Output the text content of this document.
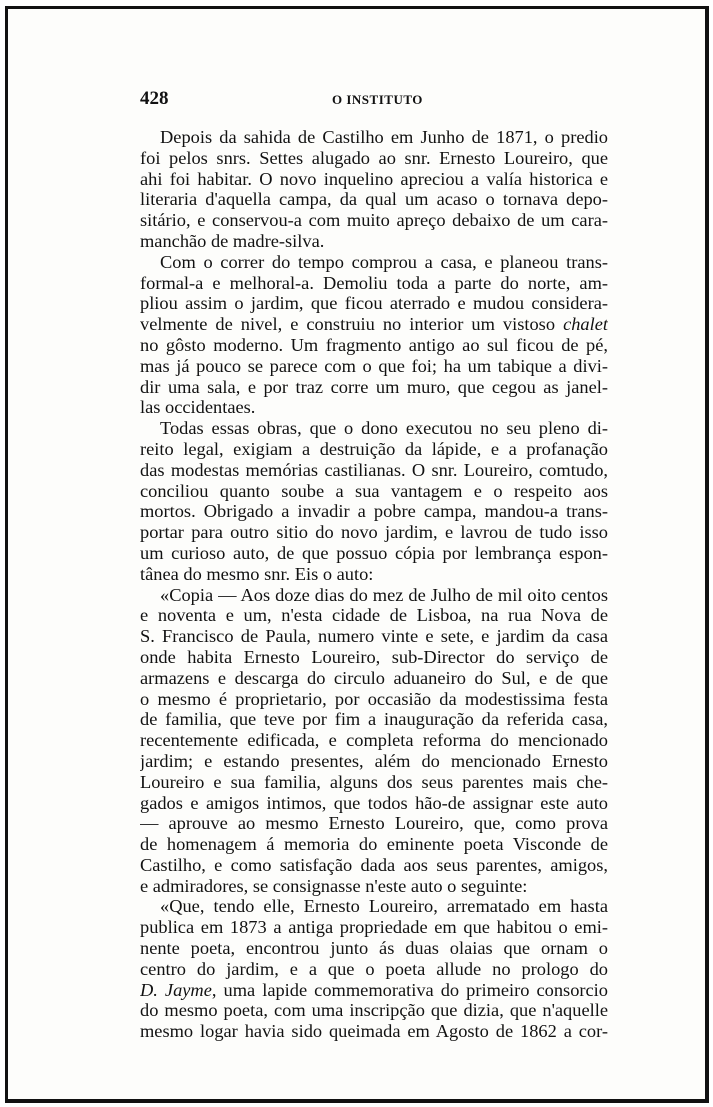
428	O INSTITUTO
Depois da sahida de Castilho em Junho de 1871, o predio
foi pelos snrs. Settes alugado ao snr. Ernesto Loureiro, que
ahi foi habitar. O novo inquelino apreciou a valía historica e
literaria d'aquella campa, da qual um acaso o tornava depo-
sitário, e conservou-a com muito apreço debaixo de um cara-
manchão de madre-silva.
Com o correr do tempo comprou a casa, e planeou trans-
formal-a e melhoral-a. Demoliu toda a parte do norte, am-
pliou assim o jardim, que ficou aterrado e mudou considera-
velmente de nivel, e construiu no interior um vistoso chalet
no gôsto moderno. Um fragmento antigo ao sul ficou de pé,
mas já pouco se parece com o que foi; ha um tabique a divi-
dir uma sala, e por traz corre um muro, que cegou as janel-
las occidentaes.
Todas essas obras, que o dono executou no seu pleno di-
reito legal, exigiam a destruição da lápide, e a profanação
das modestas memórias castilianas. O snr. Loureiro, comtudo,
conciliou quanto soube a sua vantagem e o respeito aos
mortos. Obrigado a invadir a pobre campa, mandou-a trans-
portar para outro sitio do novo jardim, e lavrou de tudo isso
um curioso auto, de que possuo cópia por lembrança espon-
tânea do mesmo snr. Eis o auto:
«Copia — Aos doze dias do mez de Julho de mil oito centos
e noventa e um, n'esta cidade de Lisboa, na rua Nova de
S. Francisco de Paula, numero vinte e sete, e jardim da casa
onde habita Ernesto Loureiro, sub-Director do serviço de
armazens e descarga do circulo aduaneiro do Sul, e de que
o mesmo é proprietario, por occasião da modestissima festa
de familia, que teve por fim a inauguração da referida casa,
recentemente edificada, e completa reforma do mencionado
jardim; e estando presentes, além do mencionado Ernesto
Loureiro e sua familia, alguns dos seus parentes mais che-
gados e amigos intimos, que todos hão-de assignar este auto
— aprouve ao mesmo Ernesto Loureiro, que, como prova
de homenagem á memoria do eminente poeta Visconde de
Castilho, e como satisfação dada aos seus parentes, amigos,
e admiradores, se consignasse n'este auto o seguinte:
«Que, tendo elle, Ernesto Loureiro, arrematado em hasta
publica em 1873 a antiga propriedade em que habitou o emi-
nente poeta, encontrou junto ás duas olaias que ornam o
centro do jardim, e a que o poeta allude no prologo do
D. Jayme, uma lapide commemorativa do primeiro consorcio
do mesmo poeta, com uma inscripção que dizia, que n'aquelle
mesmo logar havia sido queimada em Agosto de 1862 a cor-
